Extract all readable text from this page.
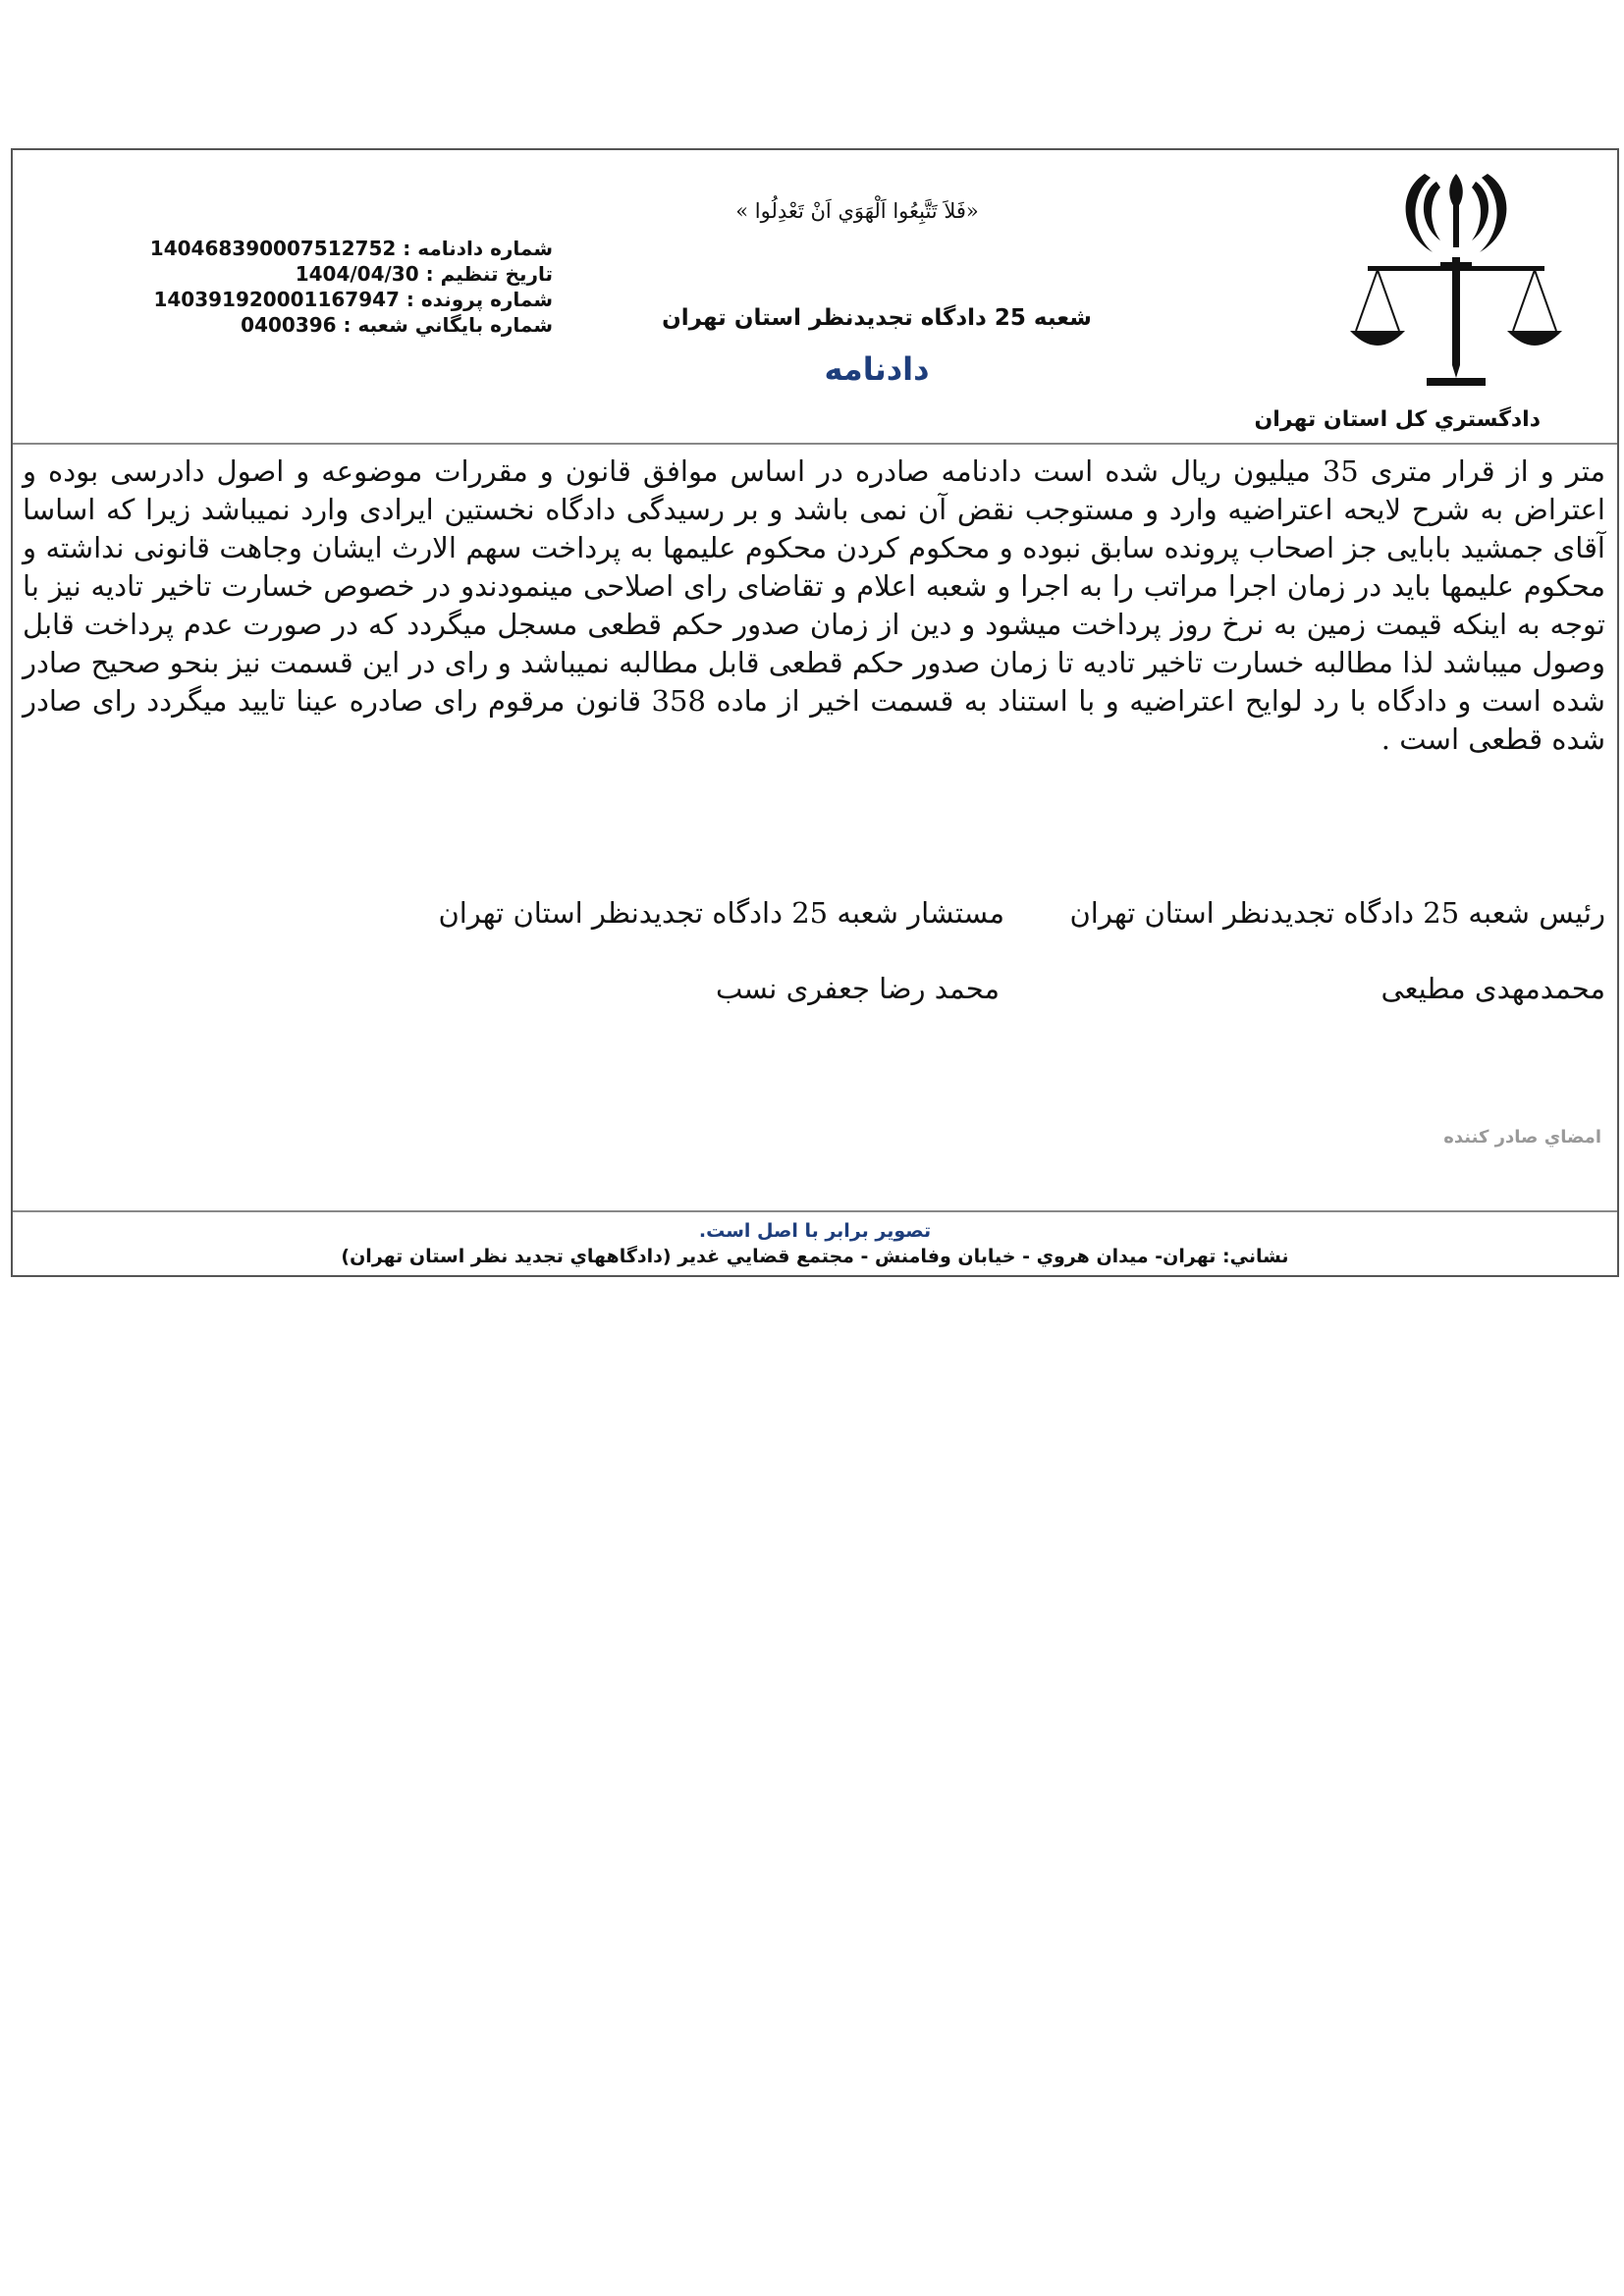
دادگستري كل استان تهران
«فَلاَ تَتَّبِعُوا اَلْهَوَي اَنْ تَعْدِلُوا »
شعبه 25 دادگاه تجديدنظر استان تهران
دادنامه
شماره دادنامه : 140468390007512752
تاريخ تنظيم : 1404/04/30
شماره پرونده : 140391920001167947
شماره بايگاني شعبه : 0400396
متر و از قرار متری 35 میلیون ریال شده است دادنامه صادره در اساس موافق قانون و مقررات موضوعه و اصول دادرسی بوده و اعتراض به شرح لایحه اعتراضیه وارد و مستوجب نقض آن نمی باشد و بر رسیدگی دادگاه نخستین ایرادی وارد نمیباشد زیرا که اساسا آقای جمشید بابایی جز اصحاب پرونده سابق نبوده و محکوم کردن محکوم علیمها به پرداخت سهم الارث ایشان وجاهت قانونی نداشته و محکوم علیمها باید در زمان اجرا مراتب را به اجرا و شعبه اعلام و تقاضای رای اصلاحی مینمودندو در خصوص خسارت تاخیر تادیه نیز با توجه به اینکه قیمت زمین به نرخ روز پرداخت میشود و دین از زمان صدور حکم قطعی مسجل میگردد که در صورت عدم پرداخت قابل وصول میباشد لذا مطالبه خسارت تاخیر تادیه تا زمان صدور حکم قطعی قابل مطالبه نمیباشد و رای در این قسمت نیز بنحو صحیح صادر شده است و دادگاه با رد لوایح اعتراضیه و با استناد به قسمت اخیر از ماده 358 قانون مرقوم رای صادره عینا تایید میگردد رای صادر شده قطعی است .
رئیس شعبه 25 دادگاه تجدیدنظر استان تهران  مستشار شعبه 25 دادگاه تجدیدنظر استان تهران
محمدمهدی مطیعی  محمد رضا جعفری نسب
امضاي صادر كننده
تصوير برابر با اصل است.
نشاني: تهران- ميدان هروي - خيابان وفامنش - مجتمع قضايي غدير (دادگاههاي تجديد نظر استان تهران)
